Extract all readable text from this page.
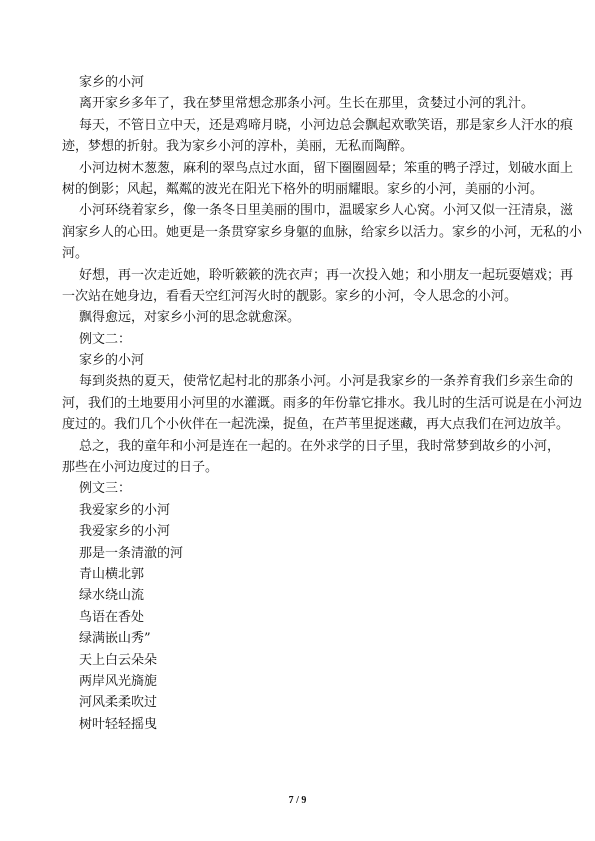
家乡的小河
离开家乡多年了，我在梦里常想念那条小河。生长在那里，贪婪过小河的乳汁。
每天，不管日立中天，还是鸡啼月晓，小河边总会飘起欢歌笑语，那是家乡人汗水的痕
迹，梦想的折射。我为家乡小河的淳朴，美丽，无私而陶醉。
小河边树木葱葱，麻利的翠鸟点过水面，留下圈圈圆晕；笨重的鸭子浮过，划破水面上
树的倒影；风起，粼粼的波光在阳光下格外的明丽耀眼。家乡的小河，美丽的小河。
小河环绕着家乡，像一条冬日里美丽的围巾，温暖家乡人心窝。小河又似一汪清泉，滋
润家乡人的心田。她更是一条贯穿家乡身躯的血脉，给家乡以活力。家乡的小河，无私的小
河。
好想，再一次走近她，聆听簌簌的洗衣声；再一次投入她；和小朋友一起玩耍嬉戏；再
一次站在她身边，看看天空红河泻火时的靓影。家乡的小河，令人思念的小河。
飘得愈远，对家乡小河的思念就愈深。
例文二：
家乡的小河
每到炎热的夏天，使常忆起村北的那条小河。小河是我家乡的一条养育我们乡亲生命的
河，我们的土地要用小河里的水灌溉。雨多的年份靠它排水。我儿时的生活可说是在小河边
度过的。我们几个小伙伴在一起洗澡，捉鱼，在芦苇里捉迷藏，再大点我们在河边放羊。
总之，我的童年和小河是连在一起的。在外求学的日子里，我时常梦到故乡的小河，
那些在小河边度过的日子。
例文三：
我爱家乡的小河
我爱家乡的小河
那是一条清澈的河
青山横北郭
绿水绕山流
鸟语在香处
绿满嵌山秀”
天上白云朵朵
两岸风光旖旎
河风柔柔吹过
树叶轻轻摇曳
7 / 9
